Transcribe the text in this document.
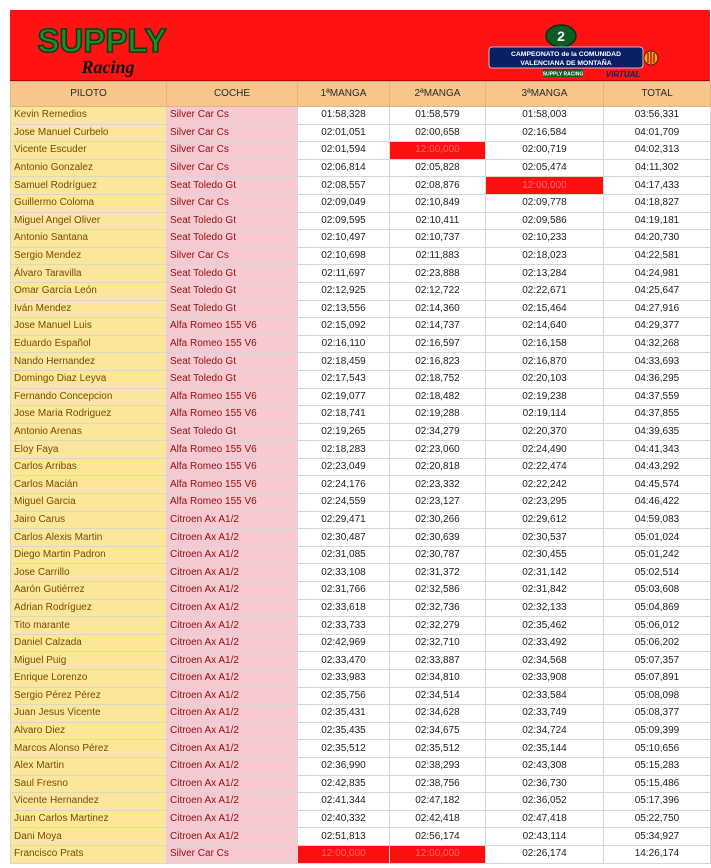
SUPPLY
Racing
2
CAMPEONATO de la COMUNIDAD
VALENCIANA DE MONTAÑA
SUPPLY RACING	VIRTUAL
PILOTO	COCHE	1ªMANGA	2ªMANGA	3ªMANGA	TOTAL
Kevin Remedios	Silver Car Cs	01:58,328	01:58,579	01:58,003	03:56,331
Jose Manuel Curbelo	Silver Car Cs	02:01,051	02:00,658	02:16,584	04:01,709
Vicente Escuder	Silver Car Cs	02:01,594	12:00,000	02:00,719	04:02,313
Antonio Gonzalez	Silver Car Cs	02:06,814	02:05,828	02:05,474	04:11,302
Samuel Rodríguez	Seat Toledo Gt	02:08,557	02:08,876	12:00,000	04:17,433
Guillermo Coloma	Silver Car Cs	02:09,049	02:10,849	02:09,778	04:18,827
Miguel Angel Oliver	Seat Toledo Gt	02:09,595	02:10,411	02:09,586	04:19,181
Antonio Santana	Seat Toledo Gt	02:10,497	02:10,737	02:10,233	04:20,730
Sergio Mendez	Silver Car Cs	02:10,698	02:11,883	02:18,023	04:22,581
Álvaro Taravilla	Seat Toledo Gt	02:11,697	02:23,888	02:13,284	04:24,981
Omar García León	Seat Toledo Gt	02:12,925	02:12,722	02:22,671	04:25,647
Iván Mendez	Seat Toledo Gt	02:13,556	02:14,360	02:15,464	04:27,916
Jose Manuel Luis	Alfa Romeo 155 V6	02:15,092	02:14,737	02:14,640	04:29,377
Eduardo Español	Alfa Romeo 155 V6	02:16,110	02:16,597	02:16,158	04:32,268
Nando Hernandez	Seat Toledo Gt	02:18,459	02:16,823	02:16,870	04:33,693
Domingo Diaz Leyva	Seat Toledo Gt	02:17,543	02:18,752	02:20,103	04:36,295
Fernando Concepcion	Alfa Romeo 155 V6	02:19,077	02:18,482	02:19,238	04:37,559
Jose Maria Rodriguez	Alfa Romeo 155 V6	02:18,741	02:19,288	02:19,114	04:37,855
Antonio Arenas	Seat Toledo Gt	02:19,265	02:34,279	02:20,370	04:39,635
Eloy Faya	Alfa Romeo 155 V6	02:18,283	02:23,060	02:24,490	04:41,343
Carlos Arribas	Alfa Romeo 155 V6	02:23,049	02:20,818	02:22,474	04:43,292
Carlos Macián	Alfa Romeo 155 V6	02:24,176	02:23,332	02:22,242	04:45,574
Miguel Garcia	Alfa Romeo 155 V6	02:24,559	02:23,127	02:23,295	04:46,422
Jairo Carus	Citroen Ax A1/2	02:29,471	02:30,266	02:29,612	04:59,083
Carlos Alexis Martin	Citroen Ax A1/2	02:30,487	02:30,639	02:30,537	05:01,024
Diego Martin Padron	Citroen Ax A1/2	02:31,085	02:30,787	02:30,455	05:01,242
Jose Carrillo	Citroen Ax A1/2	02:33,108	02:31,372	02:31,142	05:02,514
Aarón Gutiérrez	Citroen Ax A1/2	02:31,766	02:32,586	02:31,842	05:03,608
Adrian Rodríguez	Citroen Ax A1/2	02:33,618	02:32,736	02:32,133	05:04,869
Tito marante	Citroen Ax A1/2	02:33,733	02:32,279	02:35,462	05:06,012
Daniel Calzada	Citroen Ax A1/2	02:42,969	02:32,710	02:33,492	05:06,202
Miguel Puig	Citroen Ax A1/2	02:33,470	02:33,887	02:34,568	05:07,357
Enrique Lorenzo	Citroen Ax A1/2	02:33,983	02:34,810	02:33,908	05:07,891
Sergio Pérez Pérez	Citroen Ax A1/2	02:35,756	02:34,514	02:33,584	05:08,098
Juan Jesus Vicente	Citroen Ax A1/2	02:35,431	02:34,628	02:33,749	05:08,377
Alvaro Diez	Citroen Ax A1/2	02:35,435	02:34,675	02:34,724	05:09,399
Marcos Alonso Pérez	Citroen Ax A1/2	02:35,512	02:35,512	02:35,144	05:10,656
Alex Martin	Citroen Ax A1/2	02:36,990	02:38,293	02:43,308	05:15,283
Saul Fresno	Citroen Ax A1/2	02:42,835	02:38,756	02:36,730	05:15,486
Vicente Hernandez	Citroen Ax A1/2	02:41,344	02:47,182	02:36,052	05:17,396
Juan Carlos Martinez	Citroen Ax A1/2	02:40,332	02:42,418	02:47,418	05:22,750
Dani Moya	Citroen Ax A1/2	02:51,813	02:56,174	02:43,114	05:34,927
Francisco Prats	Silver Car Cs	12:00,000	12:00,000	02:26,174	14:26,174
